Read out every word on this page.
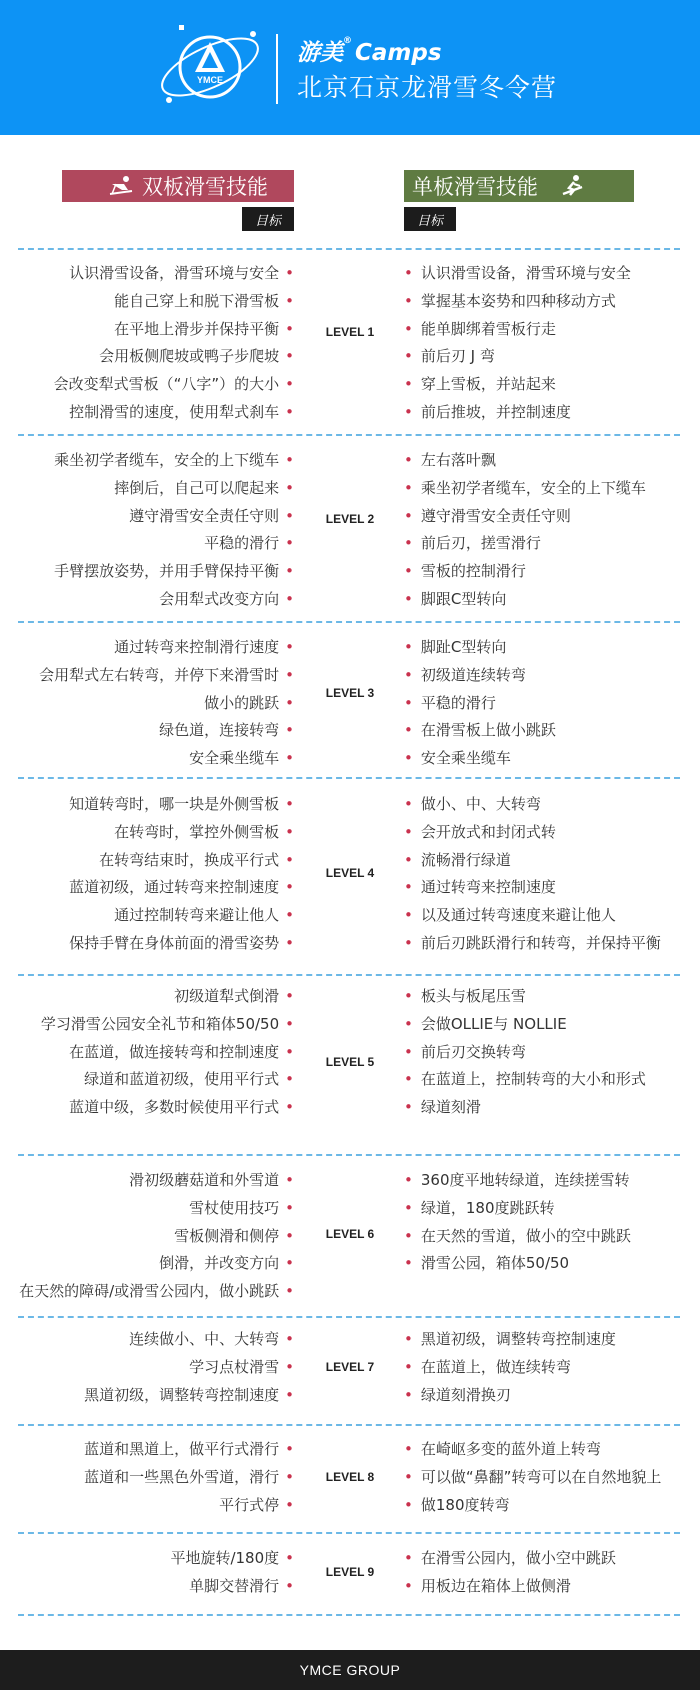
YMCE
游美® Camps
北京石京龙滑雪冬令营
双板滑雪技能	单板滑雪技能
目标	目标
认识滑雪设备，滑雪环境与安全 •
能自己穿上和脱下滑雪板 •
在平地上滑步并保持平衡 •
会用板侧爬坡或鸭子步爬坡 •
会改变犁式雪板（“八字”）的大小 •
控制滑雪的速度，使用犁式刹车 •
LEVEL 1
• 认识滑雪设备，滑雪环境与安全
• 掌握基本姿势和四种移动方式
• 能单脚绑着雪板行走
• 前后刃 J 弯
• 穿上雪板，并站起来
• 前后推坡，并控制速度
乘坐初学者缆车，安全的上下缆车 •
摔倒后，自己可以爬起来 •
遵守滑雪安全责任守则 •
平稳的滑行 •
手臂摆放姿势，并用手臂保持平衡 •
会用犁式改变方向 •
LEVEL 2
• 左右落叶飘
• 乘坐初学者缆车，安全的上下缆车
• 遵守滑雪安全责任守则
• 前后刃，搓雪滑行
• 雪板的控制滑行
• 脚跟C型转向
通过转弯来控制滑行速度 •
会用犁式左右转弯，并停下来滑雪时 •
做小的跳跃 •
绿色道，连接转弯 •
安全乘坐缆车 •
LEVEL 3
• 脚趾C型转向
• 初级道连续转弯
• 平稳的滑行
• 在滑雪板上做小跳跃
• 安全乘坐缆车
知道转弯时，哪一块是外侧雪板 •
在转弯时，掌控外侧雪板 •
在转弯结束时，换成平行式 •
蓝道初级，通过转弯来控制速度 •
通过控制转弯来避让他人 •
保持手臂在身体前面的滑雪姿势 •
LEVEL 4
• 做小、中、大转弯
• 会开放式和封闭式转
• 流畅滑行绿道
• 通过转弯来控制速度
• 以及通过转弯速度来避让他人
• 前后刃跳跃滑行和转弯，并保持平衡
初级道犁式倒滑 •
学习滑雪公园安全礼节和箱体50/50 •
在蓝道，做连接转弯和控制速度 •
绿道和蓝道初级，使用平行式 •
蓝道中级，多数时候使用平行式 •
LEVEL 5
• 板头与板尾压雪
• 会做OLLIE与 NOLLIE
• 前后刃交换转弯
• 在蓝道上，控制转弯的大小和形式
• 绿道刻滑
滑初级蘑菇道和外雪道 •
雪杖使用技巧 •
雪板侧滑和侧停 •
倒滑，并改变方向 •
在天然的障碍/或滑雪公园内，做小跳跃 •
LEVEL 6
• 360度平地转绿道，连续搓雪转
• 绿道，180度跳跃转
• 在天然的雪道，做小的空中跳跃
• 滑雪公园，箱体50/50
连续做小、中、大转弯 •
学习点杖滑雪 •
黑道初级，调整转弯控制速度 •
LEVEL 7
• 黑道初级，调整转弯控制速度
• 在蓝道上，做连续转弯
• 绿道刻滑换刃
蓝道和黑道上，做平行式滑行 •
蓝道和一些黑色外雪道，滑行 •
平行式停 •
LEVEL 8
• 在崎岖多变的蓝外道上转弯
• 可以做“鼻翻”转弯可以在自然地貌上
• 做180度转弯
平地旋转/180度 •
单脚交替滑行 •
LEVEL 9
• 在滑雪公园内，做小空中跳跃
• 用板边在箱体上做侧滑
YMCE GROUP
